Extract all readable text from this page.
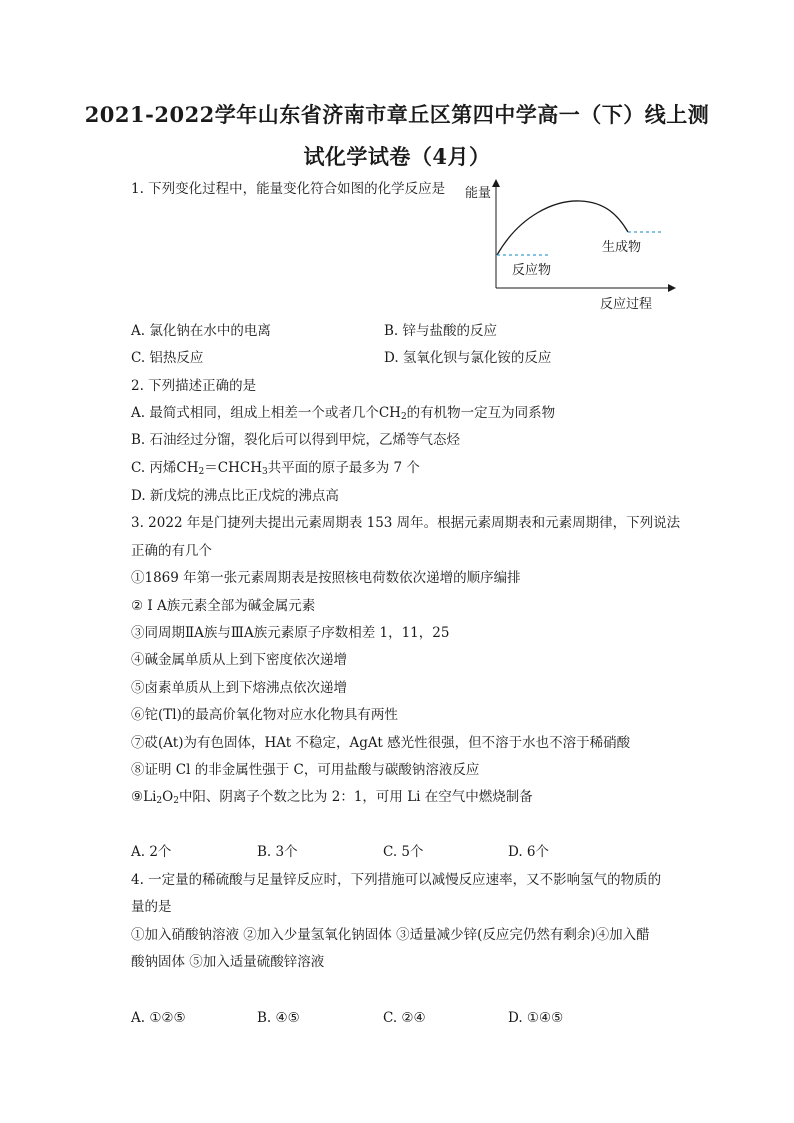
2021-2022学年山东省济南市章丘区第四中学高一（下）线上测
试化学试卷（4月）
1. 下列变化过程中，能量变化符合如图的化学反应是 能量
反应物
生成物
反应过程
A. 氯化钠在水中的电离	B. 锌与盐酸的反应
C. 铝热反应	D. 氢氧化钡与氯化铵的反应
2. 下列描述正确的是
A. 最简式相同，组成上相差一个或者几个$CH_2$的有机物一定互为同系物
B. 石油经过分馏，裂化后可以得到甲烷，乙烯等气态烃
C. 丙烯$CH_2=CHCH_3$共平面的原子最多为 7 个
D. 新戊烷的沸点比正戊烷的沸点高
3. 2022 年是门捷列夫提出元素周期表 153 周年。根据元素周期表和元素周期律，下列说法
正确的有几个
①1869 年第一张元素周期表是按照核电荷数依次递增的顺序编排
② I A族元素全部为碱金属元素
③同周期ⅡA族与ⅢA族元素原子序数相差 1，11，25
④碱金属单质从上到下密度依次递增
⑤卤素单质从上到下熔沸点依次递增
⑥铊(Tl)的最高价氧化物对应水化物具有两性
⑦砹(At)为有色固体，HAt 不稳定，AgAt 感光性很强，但不溶于水也不溶于稀硝酸
⑧证明 Cl 的非金属性强于 C，可用盐酸与碳酸钠溶液反应
$⑨Li_2O_2$中阳、阴离子个数之比为 2：1，可用 Li 在空气中燃烧制备
A. 2个	B. 3个	C. 5个	D. 6个
4. 一定量的稀硫酸与足量锌反应时，下列措施可以减慢反应速率，又不影响氢气的物质的
量的是
①加入硝酸钠溶液 ②加入少量氢氧化钠固体 ③适量减少锌(反应完仍然有剩余)④加入醋
酸钠固体 ⑤加入适量硫酸锌溶液
A. ①②⑤	B. ④⑤	C. ②④	D. ①④⑤
